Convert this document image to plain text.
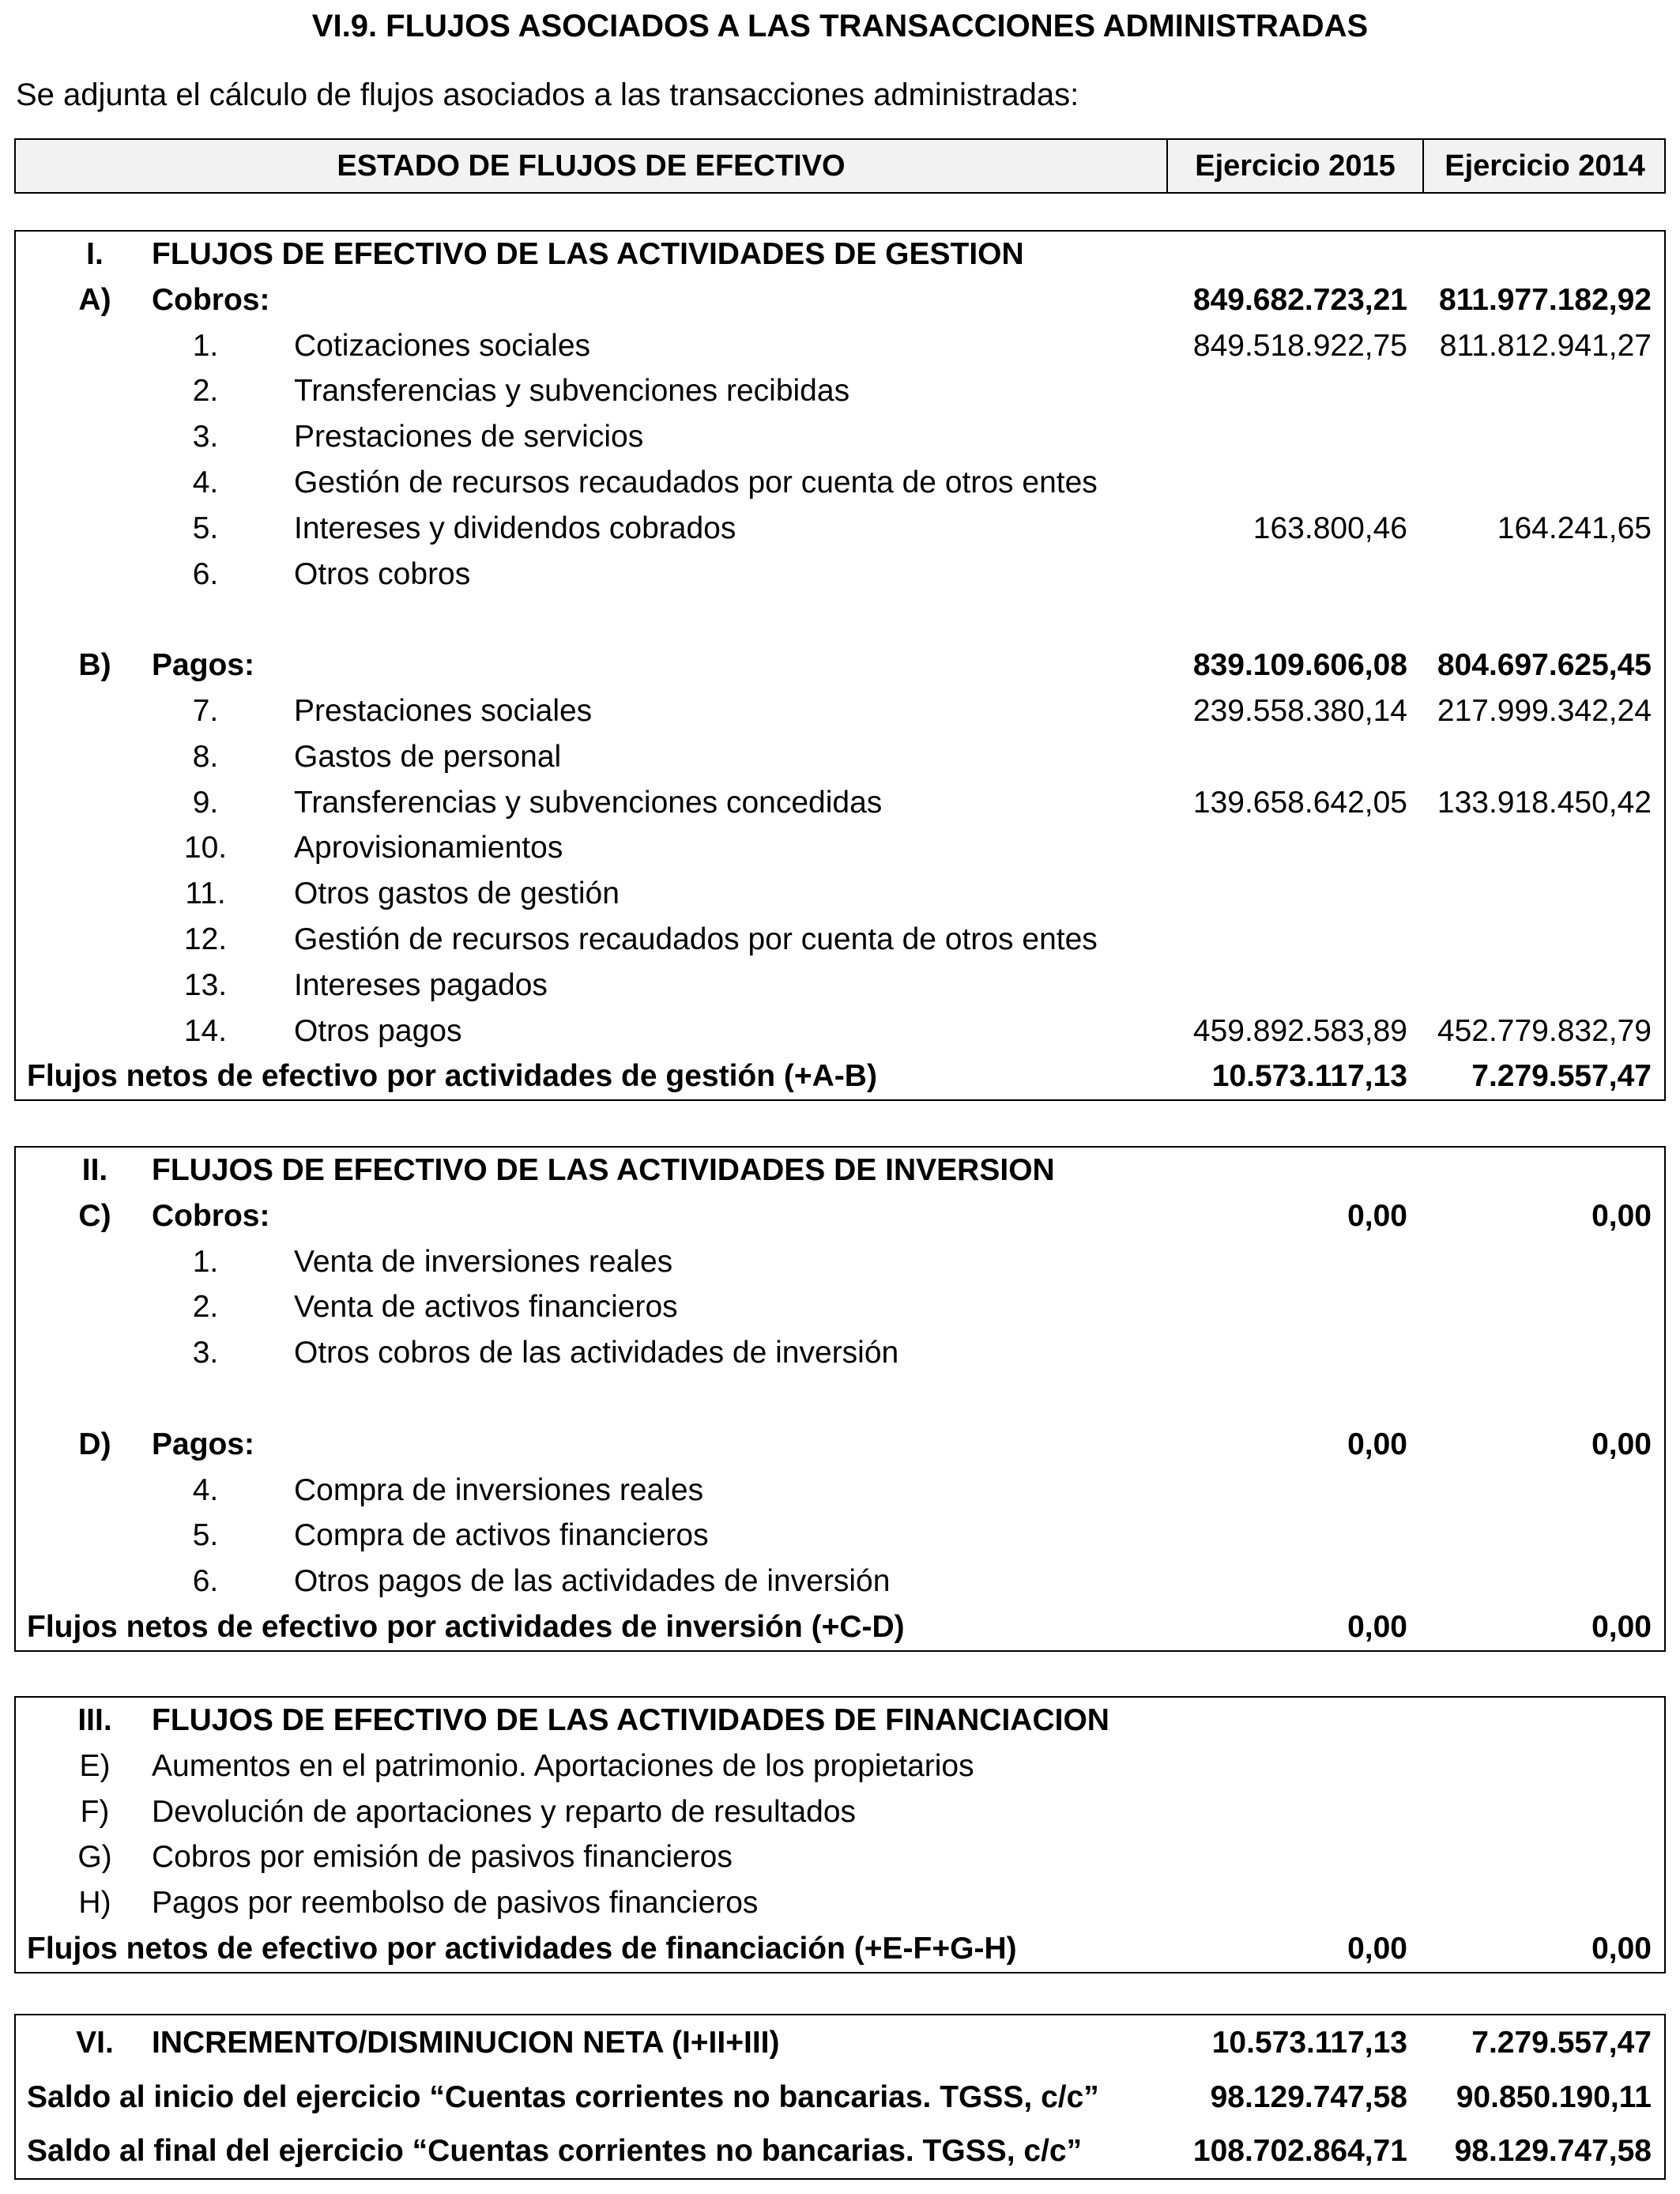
VI.9. FLUJOS ASOCIADOS A LAS TRANSACCIONES ADMINISTRADAS
Se adjunta el cálculo de flujos asociados a las transacciones administradas:
ESTADO DE FLUJOS DE EFECTIVO	Ejercicio 2015	Ejercicio 2014
I.	FLUJOS DE EFECTIVO DE LAS ACTIVIDADES DE GESTION
A)	Cobros:	849.682.723,21 811.977.182,92
1.	Cotizaciones sociales	849.518.922,75 811.812.941,27
2.	Transferencias y subvenciones recibidas
3.	Prestaciones de servicios
4.	Gestión de recursos recaudados por cuenta de otros entes
5.	Intereses y dividendos cobrados	163.800,46	164.241,65
6.	Otros cobros
B)	Pagos:	839.109.606,08 804.697.625,45
7.	Prestaciones sociales	239.558.380,14 217.999.342,24
8.	Gastos de personal
9.	Transferencias y subvenciones concedidas	139.658.642,05 133.918.450,42
10.	Aprovisionamientos
11.	Otros gastos de gestión
12.	Gestión de recursos recaudados por cuenta de otros entes
13.	Intereses pagados
14.	Otros pagos	459.892.583,89 452.779.832,79
Flujos netos de efectivo por actividades de gestión (+A-B)	10.573.117,13 7.279.557,47
II.	FLUJOS DE EFECTIVO DE LAS ACTIVIDADES DE INVERSION
C)	Cobros:	0,00	0,00
1.	Venta de inversiones reales
2.	Venta de activos financieros
3.	Otros cobros de las actividades de inversión
D)	Pagos:	0,00	0,00
4.	Compra de inversiones reales
5.	Compra de activos financieros
6.	Otros pagos de las actividades de inversión
Flujos netos de efectivo por actividades de inversión (+C-D)	0,00	0,00
III.	FLUJOS DE EFECTIVO DE LAS ACTIVIDADES DE FINANCIACION
E)	Aumentos en el patrimonio. Aportaciones de los propietarios
F)	Devolución de aportaciones y reparto de resultados
G)	Cobros por emisión de pasivos financieros
H)	Pagos por reembolso de pasivos financieros
Flujos netos de efectivo por actividades de financiación (+E-F+G-H)	0,00	0,00
VI.	INCREMENTO/DISMINUCION NETA (I+II+III)	10.573.117,13 7.279.557,47
Saldo al inicio del ejercicio “Cuentas corrientes no bancarias. TGSS, c/c”	98.129.747,58 90.850.190,11
Saldo al final del ejercicio “Cuentas corrientes no bancarias. TGSS, c/c”	108.702.864,71 98.129.747,58
